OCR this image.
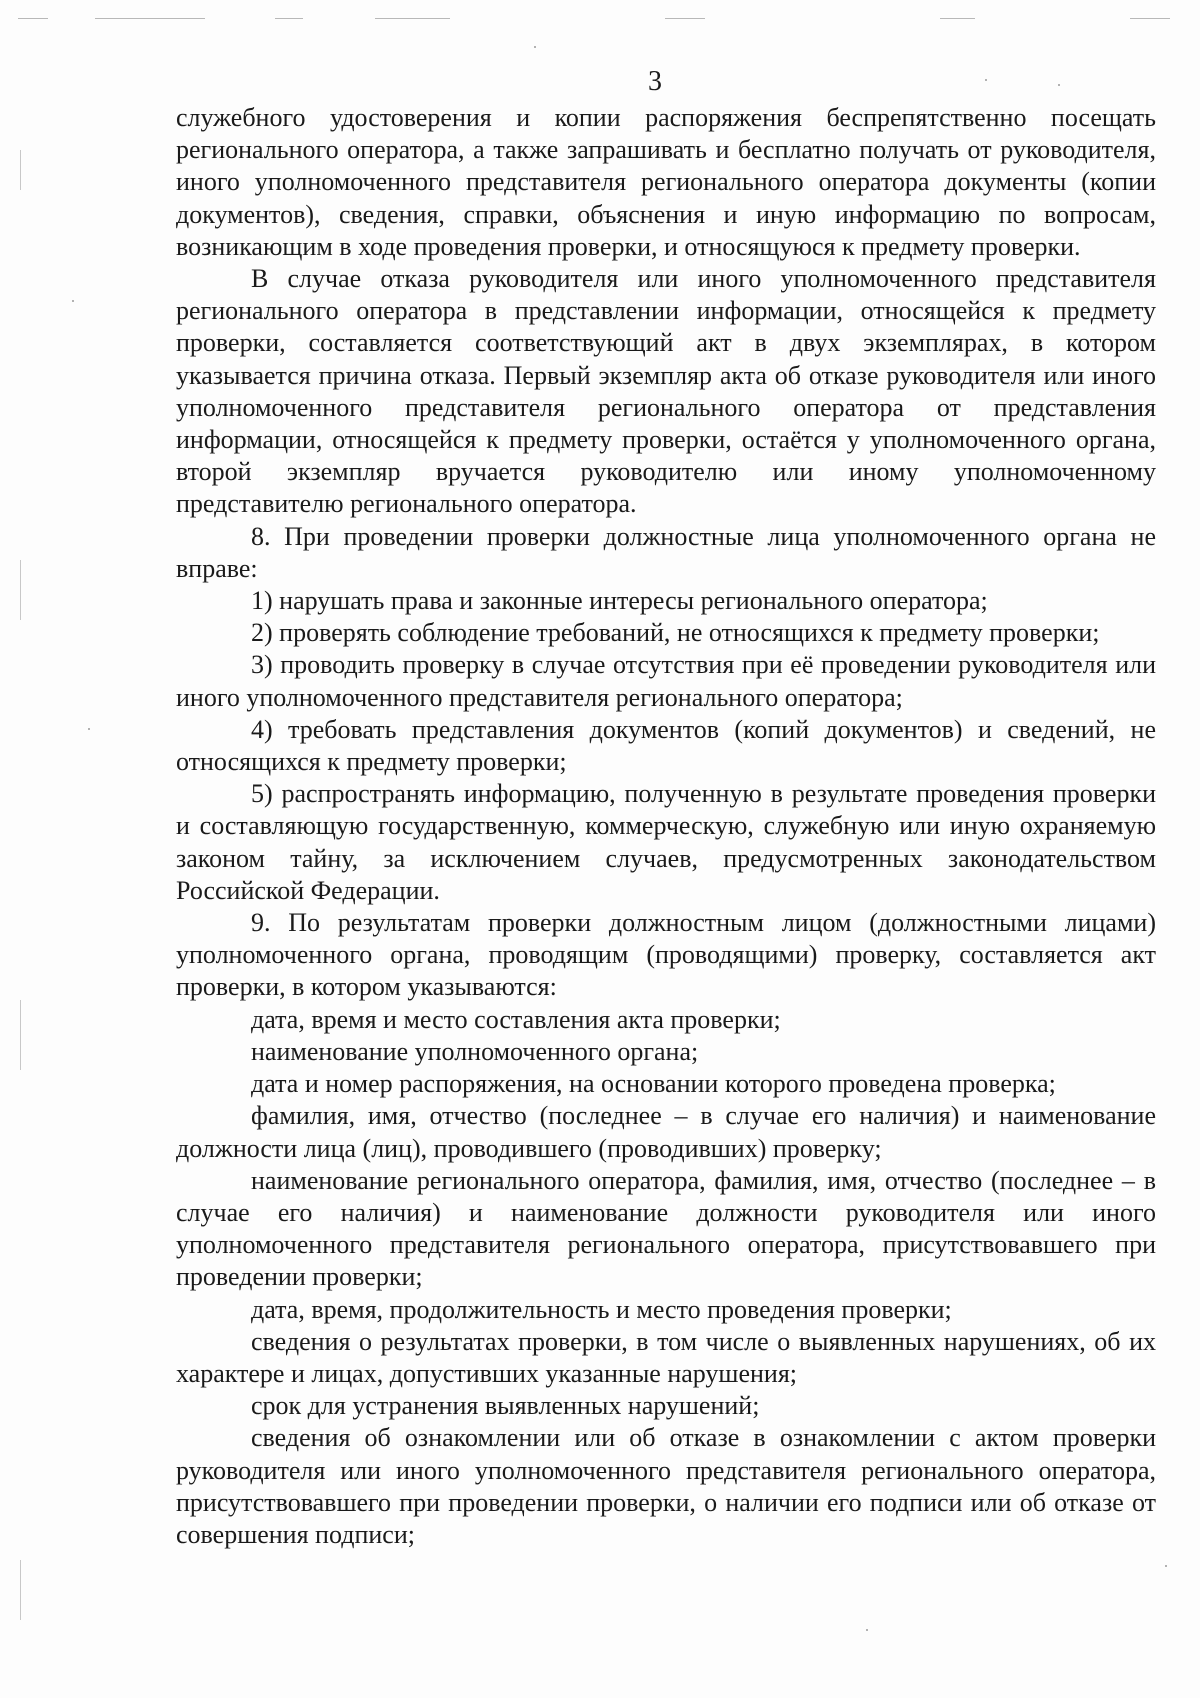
3

служебного удостоверения и копии распоряжения беспрепятственно посещать регионального оператора, а также запрашивать и бесплатно получать от руководителя, иного уполномоченного представителя регионального оператора документы (копии документов), сведения, справки, объяснения и иную информацию по вопросам, возникающим в ходе проведения проверки, и относящуюся к предмету проверки.

В случае отказа руководителя или иного уполномоченного представителя регионального оператора в представлении информации, относящейся к предмету проверки, составляется соответствующий акт в двух экземплярах, в котором указывается причина отказа. Первый экземпляр акта об отказе руководителя или иного уполномоченного представителя регионального оператора от представления информации, относящейся к предмету проверки, остаётся у уполномоченного органа, второй экземпляр вручается руководителю или иному уполномоченному представителю регионального оператора.

8. При проведении проверки должностные лица уполномоченного органа не вправе:

1) нарушать права и законные интересы регионального оператора;

2) проверять соблюдение требований, не относящихся к предмету проверки;

3) проводить проверку в случае отсутствия при её проведении руководителя или иного уполномоченного представителя регионального оператора;

4) требовать представления документов (копий документов) и сведений, не относящихся к предмету проверки;

5) распространять информацию, полученную в результате проведения проверки и составляющую государственную, коммерческую, служебную или иную охраняемую законом тайну, за исключением случаев, предусмотренных законодательством Российской Федерации.

9. По результатам проверки должностным лицом (должностными лицами) уполномоченного органа, проводящим (проводящими) проверку, составляется акт проверки, в котором указываются:

дата, время и место составления акта проверки;

наименование уполномоченного органа;

дата и номер распоряжения, на основании которого проведена проверка;

фамилия, имя, отчество (последнее – в случае его наличия) и наименование должности лица (лиц), проводившего (проводивших) проверку;

наименование регионального оператора, фамилия, имя, отчество (последнее – в случае его наличия) и наименование должности руководителя или иного уполномоченного представителя регионального оператора, присутствовавшего при проведении проверки;

дата, время, продолжительность и место проведения проверки;

сведения о результатах проверки, в том числе о выявленных нарушениях, об их характере и лицах, допустивших указанные нарушения;

срок для устранения выявленных нарушений;

сведения об ознакомлении или об отказе в ознакомлении с актом проверки руководителя или иного уполномоченного представителя регионального оператора, присутствовавшего при проведении проверки, о наличии его подписи или об отказе от совершения подписи;
